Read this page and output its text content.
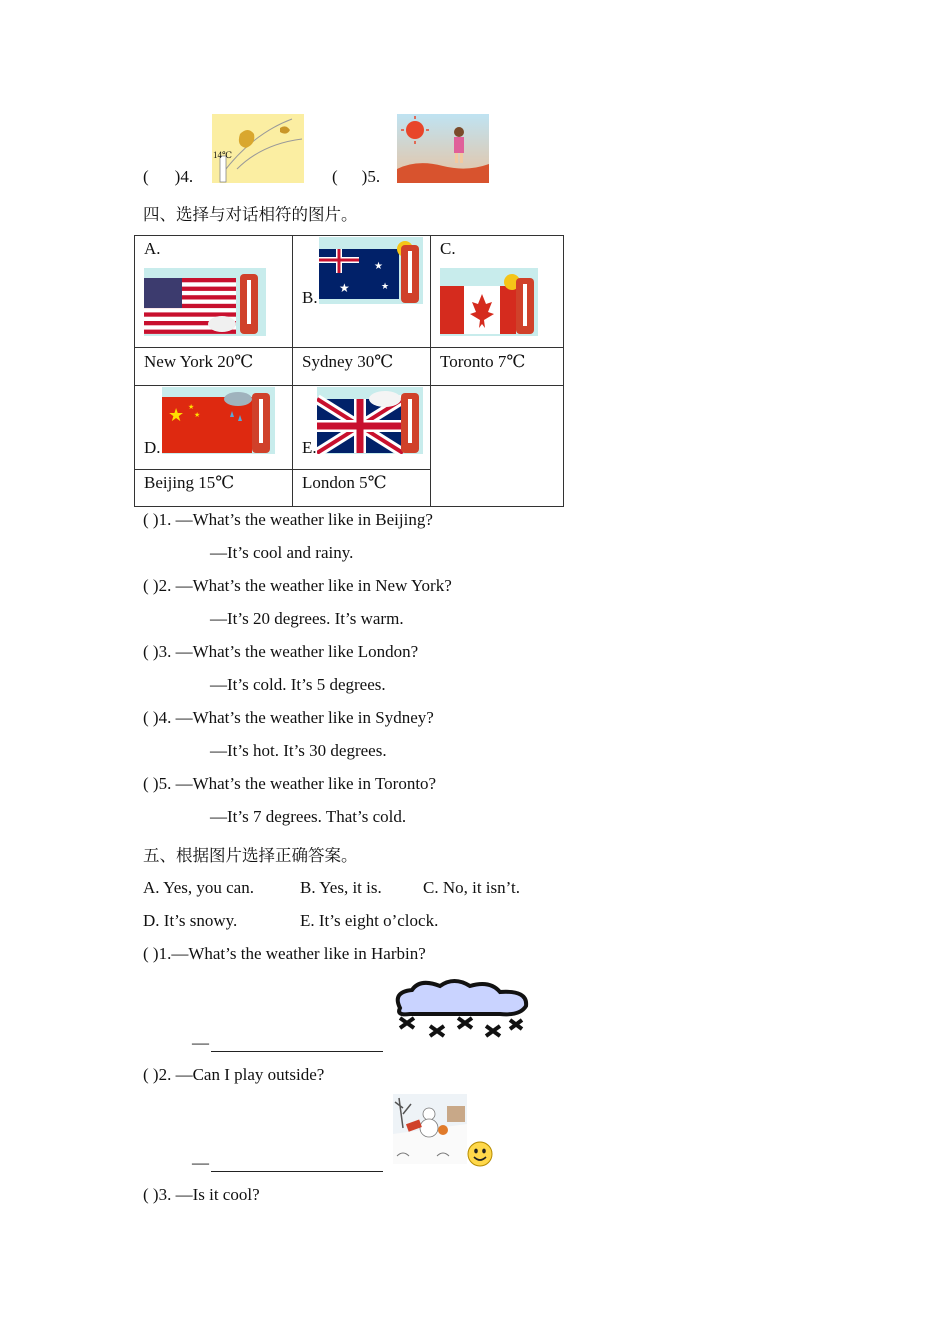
( )4.
14℃
( )5.
四、选择与对话相符的图片。
A.	B.
★
★ ★	C.

New York 20℃	Sydney 30℃	Toronto 7℃

D.
★ ★
★	E.	

Beijing 15℃	London 5℃	
( )1. —What’s the weather like in Beijing?
—It’s cool and rainy.
( )2. —What’s the weather like in New York?
—It’s 20 degrees. It’s warm.
( )3. —What’s the weather like London?
—It’s cold. It’s 5 degrees.
( )4. —What’s the weather like in Sydney?
—It’s hot. It’s 30 degrees.
( )5. —What’s the weather like in Toronto?
—It’s 7 degrees. That’s cold.
五、根据图片选择正确答案。
A. Yes, you can.	B. Yes, it is. C. No, it isn’t.
D. It’s snowy.	E. It’s eight o’clock.
( )1.—What’s the weather like in Harbin?
—
( )2. —Can I play outside?
—
( )3. —Is it cool?
